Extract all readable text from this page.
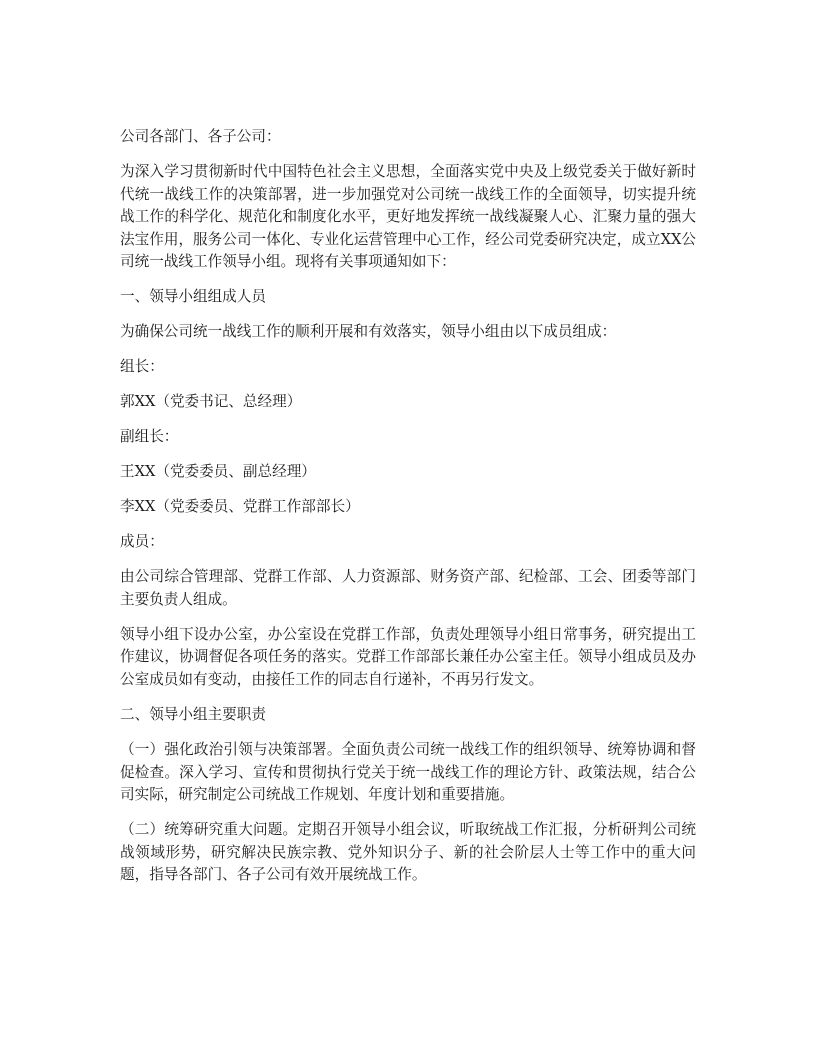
公司各部门、各子公司：

为深入学习贯彻新时代中国特色社会主义思想，全面落实党中央及上级党委关于做好新时代统一战线工作的决策部署，进一步加强党对公司统一战线工作的全面领导，切实提升统战工作的科学化、规范化和制度化水平，更好地发挥统一战线凝聚人心、汇聚力量的强大法宝作用，服务公司一体化、专业化运营管理中心工作，经公司党委研究决定，成立XX公司统一战线工作领导小组。现将有关事项通知如下：

一、领导小组组成人员

为确保公司统一战线工作的顺利开展和有效落实，领导小组由以下成员组成：

组长：

郭XX（党委书记、总经理）

副组长：

王XX（党委委员、副总经理）

李XX（党委委员、党群工作部部长）

成员：

由公司综合管理部、党群工作部、人力资源部、财务资产部、纪检部、工会、团委等部门主要负责人组成。

领导小组下设办公室，办公室设在党群工作部，负责处理领导小组日常事务，研究提出工作建议，协调督促各项任务的落实。党群工作部部长兼任办公室主任。领导小组成员及办公室成员如有变动，由接任工作的同志自行递补，不再另行发文。

二、领导小组主要职责

（一）强化政治引领与决策部署。全面负责公司统一战线工作的组织领导、统筹协调和督促检查。深入学习、宣传和贯彻执行党关于统一战线工作的理论方针、政策法规，结合公司实际，研究制定公司统战工作规划、年度计划和重要措施。

（二）统筹研究重大问题。定期召开领导小组会议，听取统战工作汇报，分析研判公司统战领域形势，研究解决民族宗教、党外知识分子、新的社会阶层人士等工作中的重大问题，指导各部门、各子公司有效开展统战工作。
